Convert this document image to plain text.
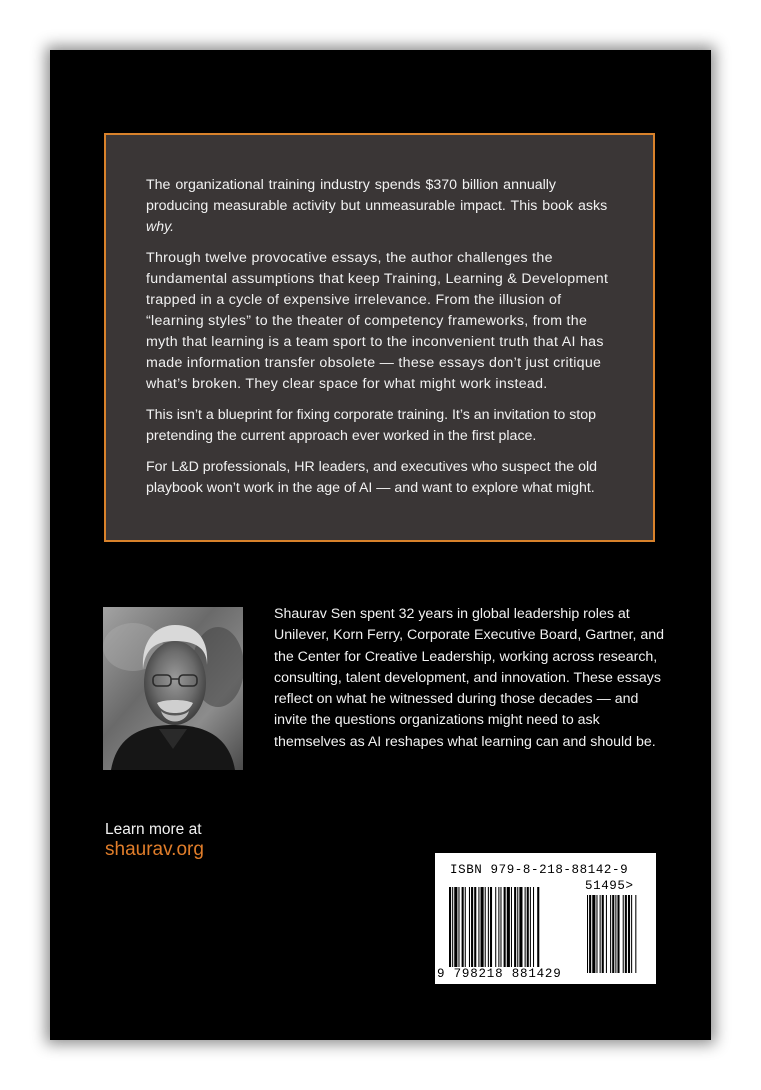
The organizational training industry spends $370 billion annually producing measurable activity but unmeasurable impact. This book asks why.

Through twelve provocative essays, the author challenges the fundamental assumptions that keep Training, Learning & Development trapped in a cycle of expensive irrelevance. From the illusion of “learning styles” to the theater of competency frameworks, from the myth that learning is a team sport to the inconvenient truth that AI has made information transfer obsolete — these essays don’t just critique what’s broken. They clear space for what might work instead.

This isn’t a blueprint for fixing corporate training. It’s an invitation to stop pretending the current approach ever worked in the first place.

For L&D professionals, HR leaders, and executives who suspect the old playbook won’t work in the age of AI — and want to explore what might.

Shaurav Sen spent 32 years in global leadership roles at Unilever, Korn Ferry, Corporate Executive Board, Gartner, and the Center for Creative Leadership, working across research, consulting, talent development, and innovation. These essays reflect on what he witnessed during those decades — and invite the questions organizations might need to ask themselves as AI reshapes what learning can and should be.
Learn more at
shaurav.org
ISBN 979-8-218-88142-9
51495>
9 798218 881429
